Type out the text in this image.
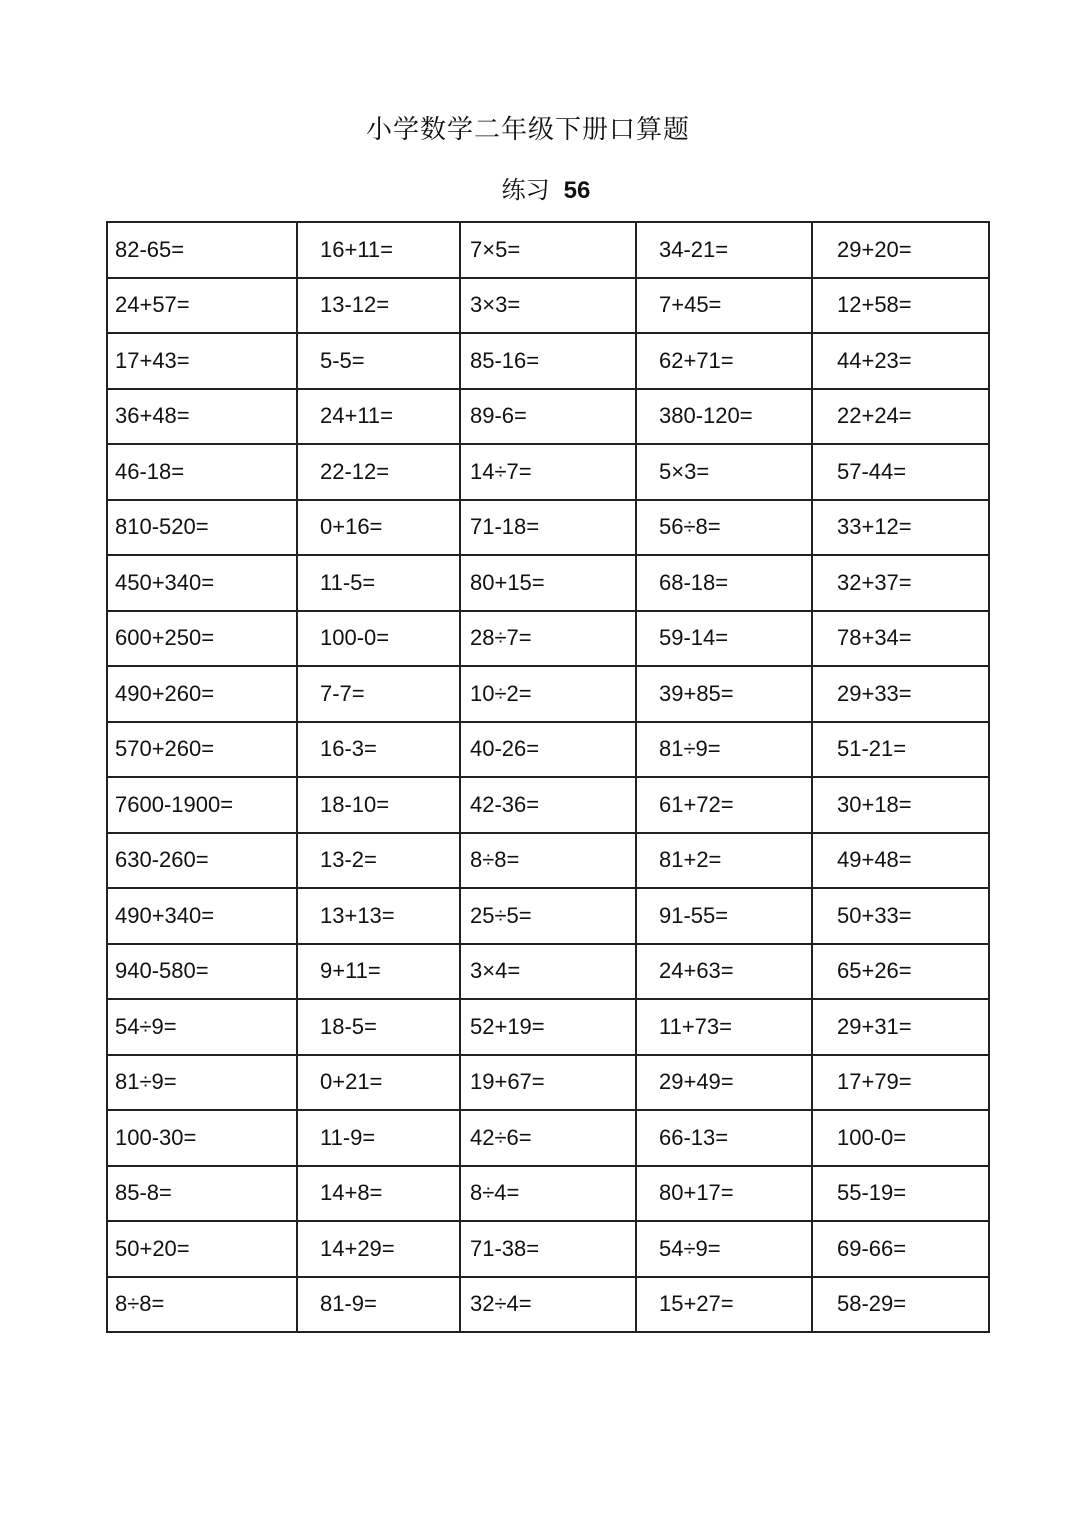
小学数学二年级下册口算题
练习 56
82-65=	16+11=	7×5=	34-21=	29+20=
24+57=	13-12=	3×3=	7+45=	12+58=
17+43=	5-5=	85-16=	62+71=	44+23=
36+48=	24+11=	89-6=	380-120=	22+24=
46-18=	22-12=	14÷7=	5×3=	57-44=
810-520=	0+16=	71-18=	56÷8=	33+12=
450+340=	11-5=	80+15=	68-18=	32+37=
600+250=	100-0=	28÷7=	59-14=	78+34=
490+260=	7-7=	10÷2=	39+85=	29+33=
570+260=	16-3=	40-26=	81÷9=	51-21=
7600-1900=	18-10=	42-36=	61+72=	30+18=
630-260=	13-2=	8÷8=	81+2=	49+48=
490+340=	13+13=	25÷5=	91-55=	50+33=
940-580=	9+11=	3×4=	24+63=	65+26=
54÷9=	18-5=	52+19=	11+73=	29+31=
81÷9=	0+21=	19+67=	29+49=	17+79=
100-30=	11-9=	42÷6=	66-13=	100-0=
85-8=	14+8=	8÷4=	80+17=	55-19=
50+20=	14+29=	71-38=	54÷9=	69-66=
8÷8=	81-9=	32÷4=	15+27=	58-29=
